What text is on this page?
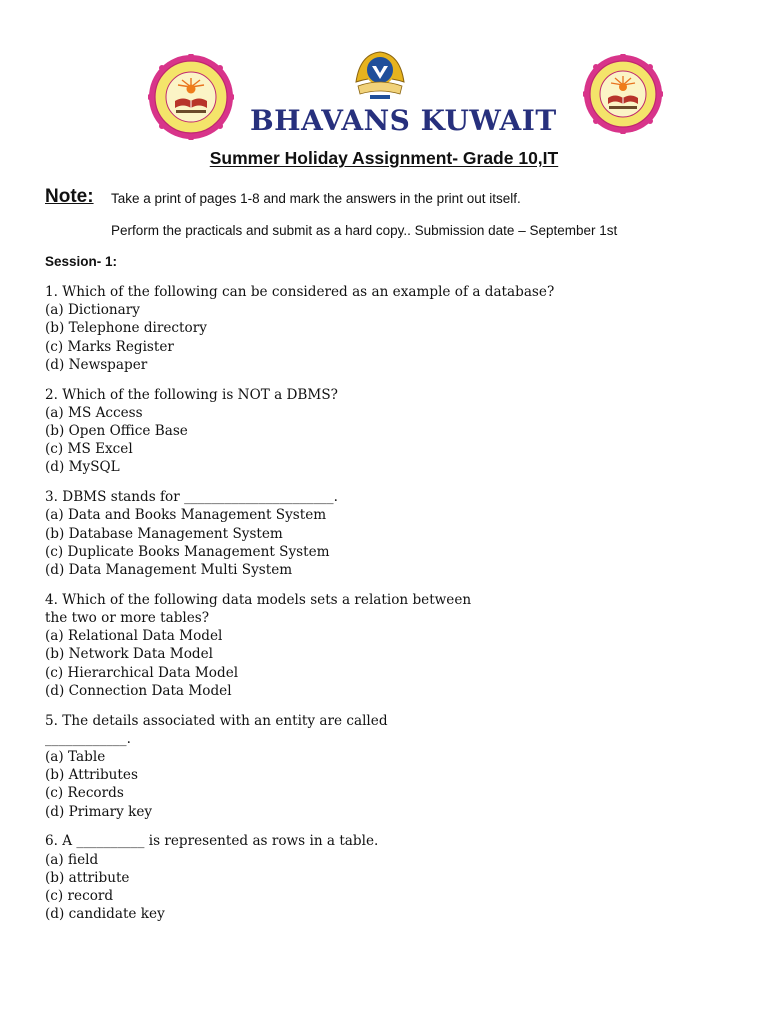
BHAVANS KUWAIT
Summer Holiday Assignment- Grade 10,IT
Note: Take a print of pages 1-8 and mark the answers in the print out itself.
Perform the practicals and submit as a hard copy.. Submission date – September 1st
Session- 1:
1. Which of the following can be considered as an example of a database?
(a) Dictionary
(b) Telephone directory
(c) Marks Register
(d) Newspaper
2. Which of the following is NOT a DBMS?
(a) MS Access
(b) Open Office Base
(c) MS Excel
(d) MySQL
3. DBMS stands for ______________________.
(a) Data and Books Management System
(b) Database Management System
(c) Duplicate Books Management System
(d) Data Management Multi System
4. Which of the following data models sets a relation between
the two or more tables?
(a) Relational Data Model
(b) Network Data Model
(c) Hierarchical Data Model
(d) Connection Data Model
5. The details associated with an entity are called
____________.
(a) Table
(b) Attributes
(c) Records
(d) Primary key
6. A __________ is represented as rows in a table.
(a) field
(b) attribute
(c) record
(d) candidate key
